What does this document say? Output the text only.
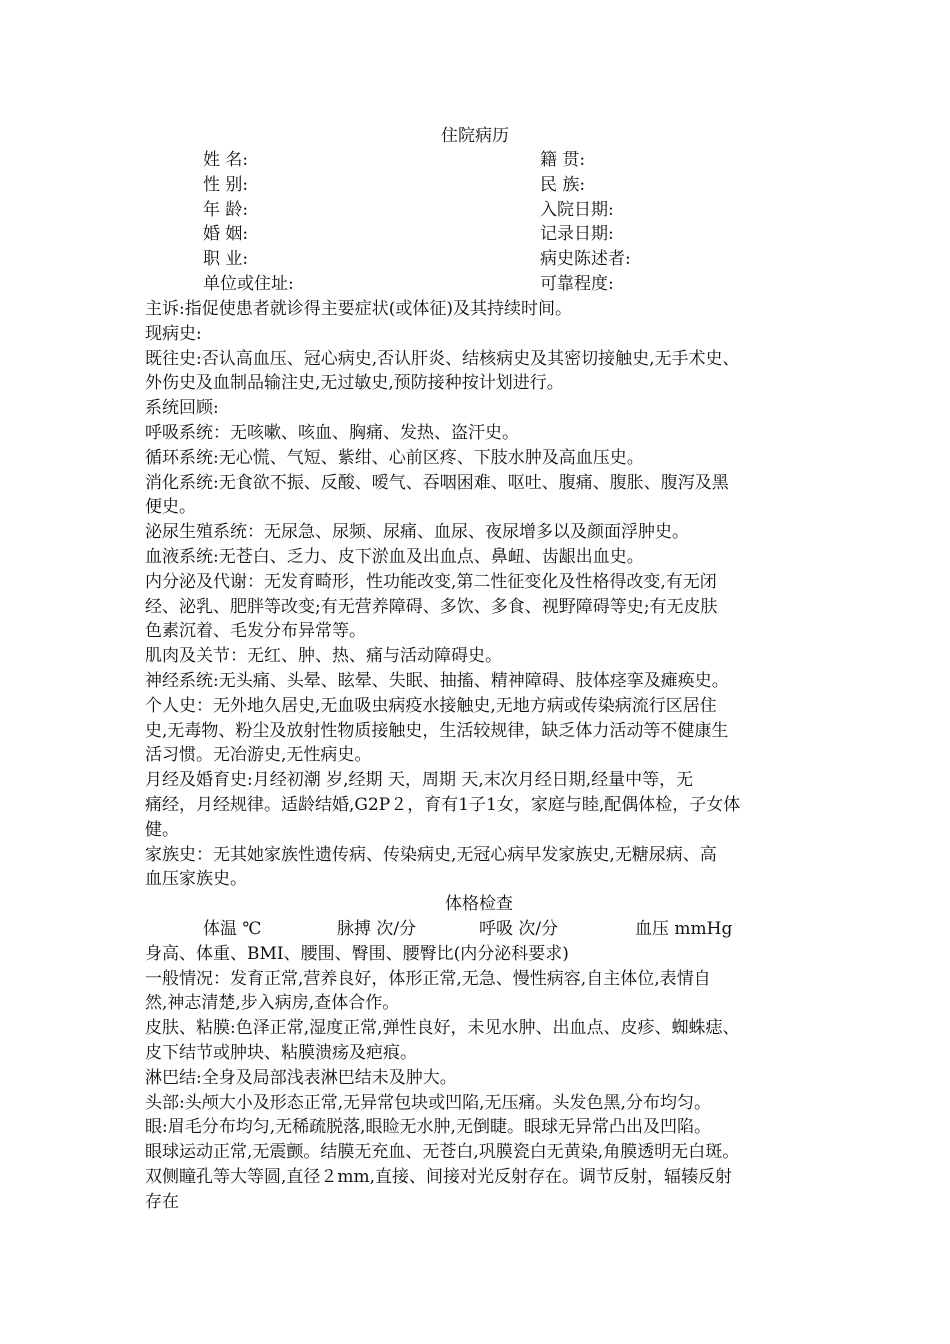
住院病历
姓 名:	籍 贯:
性 别:	民 族:
年 龄:	入院日期:
婚 姻:	记录日期:
职 业:	病史陈述者:
单位或住址:	可靠程度:

主诉:指促使患者就诊得主要症状(或体征)及其持续时间。

现病史:

既往史:否认高血压、冠心病史,否认肝炎、结核病史及其密切接触史,无手术史、

外伤史及血制品输注史,无过敏史,预防接种按计划进行。

系统回顾:

呼吸系统：无咳嗽、咳血、胸痛、发热、盗汗史。

循环系统:无心慌、气短、紫绀、心前区疼、下肢水肿及高血压史。

消化系统:无食欲不振、反酸、嗳气、吞咽困难、呕吐、腹痛、腹胀、腹泻及黑

便史。

泌尿生殖系统：无尿急、尿频、尿痛、血尿、夜尿增多以及颜面浮肿史。

血液系统:无苍白、乏力、皮下淤血及出血点、鼻衄、齿龈出血史。

内分泌及代谢：无发育畸形，性功能改变,第二性征变化及性格得改变,有无闭

经、泌乳、肥胖等改变;有无营养障碍、多饮、多食、视野障碍等史;有无皮肤

色素沉着、毛发分布异常等。

肌肉及关节：无红、肿、热、痛与活动障碍史。

神经系统:无头痛、头晕、眩晕、失眠、抽搐、精神障碍、肢体痉挛及瘫痪史。

个人史：无外地久居史,无血吸虫病疫水接触史,无地方病或传染病流行区居住

史,无毒物、粉尘及放射性物质接触史，生活较规律，缺乏体力活动等不健康生

活习惯。无冶游史,无性病史。

月经及婚育史:月经初潮 岁,经期 天，周期 天,末次月经日期,经量中等，无

痛经，月经规律。适龄结婚,G2P２，育有1子1女，家庭与睦,配偶体检，子女体

健。

家族史：无其她家族性遗传病、传染病史,无冠心病早发家族史,无糖尿病、高

血压家族史。

体格检查

体温 ℃	脉搏 次/分	呼吸 次/分	血压 mmHg

身高、体重、BMI、腰围、臀围、腰臀比(内分泌科要求)

一般情况：发育正常,营养良好，体形正常,无急、慢性病容,自主体位,表情自

然,神志清楚,步入病房,查体合作。

皮肤、粘膜:色泽正常,湿度正常,弹性良好，未见水肿、出血点、皮疹、蜘蛛痣、

皮下结节或肿块、粘膜溃疡及疤痕。

淋巴结:全身及局部浅表淋巴结未及肿大。

头部:头颅大小及形态正常,无异常包块或凹陷,无压痛。头发色黑,分布均匀。

眼:眉毛分布均匀,无稀疏脱落,眼睑无水肿,无倒睫。眼球无异常凸出及凹陷。

眼球运动正常,无震颤。结膜无充血、无苍白,巩膜瓷白无黄染,角膜透明无白斑。

双侧瞳孔等大等圆,直径２mm,直接、间接对光反射存在。调节反射，辐辏反射

存在
